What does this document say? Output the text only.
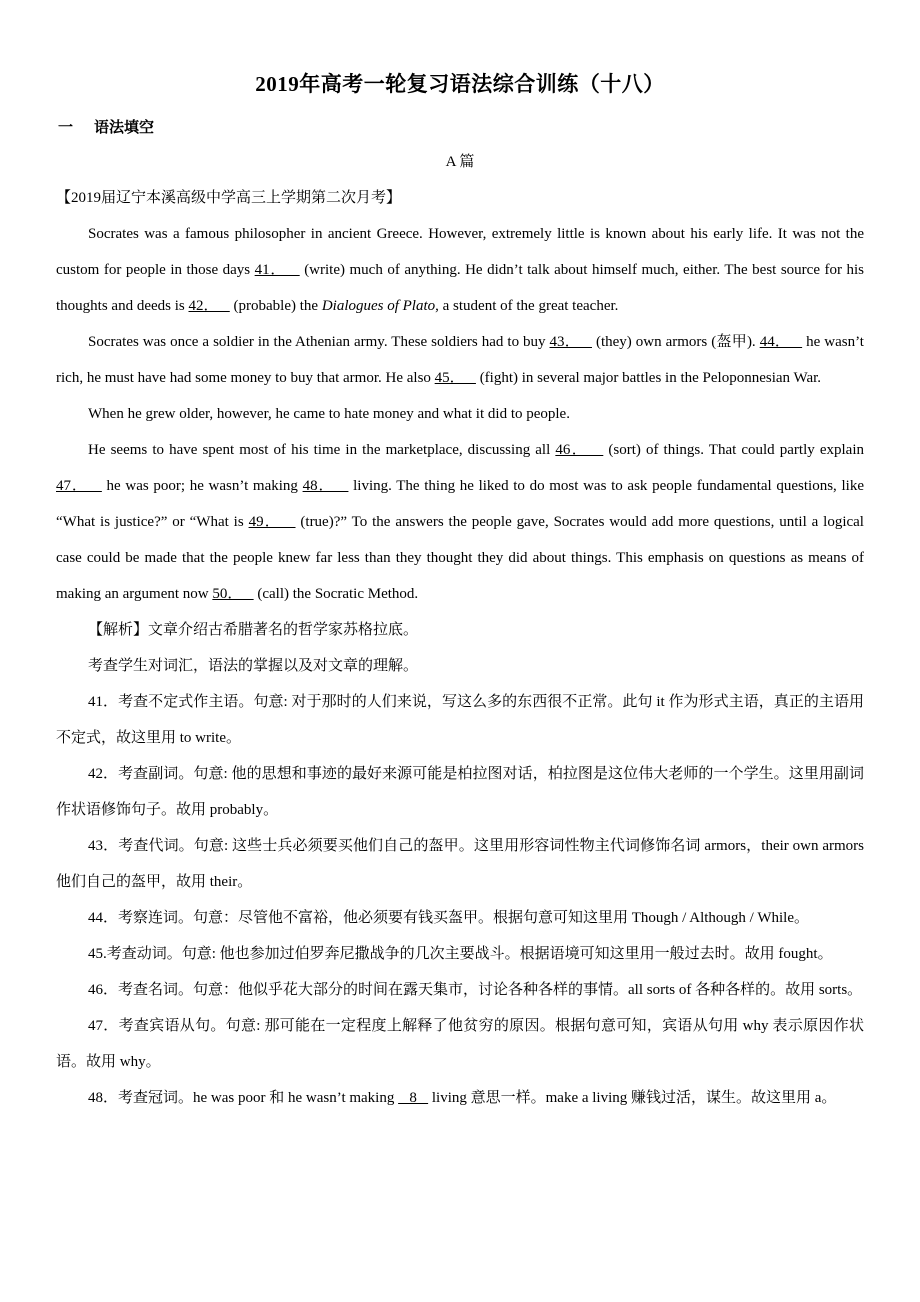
2019年高考一轮复习语法综合训练（十八）
一 语法填空
A 篇

【2019届辽宁本溪高级中学高三上学期第二次月考】

Socrates was a famous philosopher in ancient Greece. However, extremely little is known about his early life. It was not the custom for people in those days 41．    (write) much of anything. He didn’t talk about himself much, either. The best source for his thoughts and deeds is 42．    (probable) the Dialogues of Plato, a student of the great teacher.

Socrates was once a soldier in the Athenian army. These soldiers had to buy 43．    (they) own armors (盔甲). 44．    he wasn’t rich, he must have had some money to buy that armor. He also 45．    (fight) in several major battles in the Peloponnesian War.

When he grew older, however, he came to hate money and what it did to people.

He seems to have spent most of his time in the marketplace, discussing all 46．    (sort) of things. That could partly explain 47．    he was poor; he wasn’t making 48．    living. The thing he liked to do most was to ask people fundamental questions, like “What is justice?” or “What is 49．    (true)?” To the answers the people gave, Socrates would add more questions, until a logical case could be made that the people knew far less than they thought they did about things. This emphasis on questions as means of making an argument now 50．    (call) the Socratic Method.

【解析】文章介绍古希腊著名的哲学家苏格拉底。

考查学生对词汇，语法的掌握以及对文章的理解。

41．考查不定式作主语。句意: 对于那时的人们来说，写这么多的东西很不正常。此句 it 作为形式主语，真正的主语用不定式，故这里用 to write。

42．考查副词。句意: 他的思想和事迹的最好来源可能是柏拉图对话，柏拉图是这位伟大老师的一个学生。这里用副词作状语修饰句子。故用 probably。

43．考查代词。句意: 这些士兵必须要买他们自己的盔甲。这里用形容词性物主代词修饰名词 armors，their own armors 他们自己的盔甲，故用 their。

44．考察连词。句意：尽管他不富裕，他必须要有钱买盔甲。根据句意可知这里用 Though / Although / While。

45.考查动词。句意: 他也参加过伯罗奔尼撒战争的几次主要战斗。根据语境可知这里用一般过去时。故用 fought。

46．考查名词。句意：他似乎花大部分的时间在露天集市，讨论各种各样的事情。all sorts of 各种各样的。故用 sorts。

47．考查宾语从句。句意: 那可能在一定程度上解释了他贫穷的原因。根据句意可知，宾语从句用 why 表示原因作状语。故用 why。

48．考查冠词。he was poor 和 he wasn’t making    8    living 意思一样。make a living 赚钱过活，谋生。故这里用 a。
